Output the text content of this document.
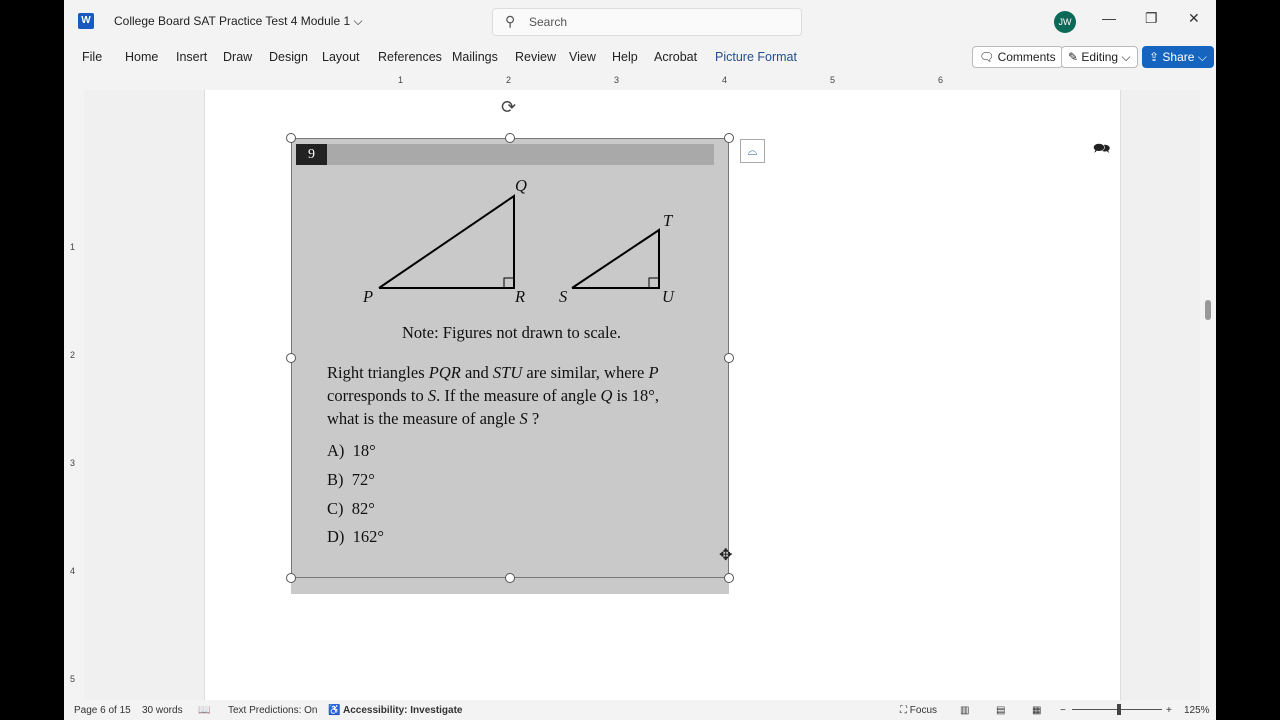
W College Board SAT Practice Test 4 Module 1 ⌵	⚲ Search	JW	— ❐ ✕
File Home Insert Draw Design Layout References Mailings Review View Help Acrobat Picture Format	🗨 Comments	✎ Editing ⌵	⇪ Share ⌵
1	2	3	4	5	6
1
2
3
4
5
🗪
Page 6 of 15 30 words 📖 Text Predictions: On ♿ Accessibility: Investigate	⛶ Focus ▥	▤	▦ −	+ 125%
9
Q
P	R S
T
U
Note: Figures not drawn to scale.
Right triangles PQR and STU are similar, where P
corresponds to S. If the measure of angle Q is 18°,
what is the measure of angle S ?
A) 18°
B) 72°
C) 82°
D) 162°
⟳
⌓
✥
